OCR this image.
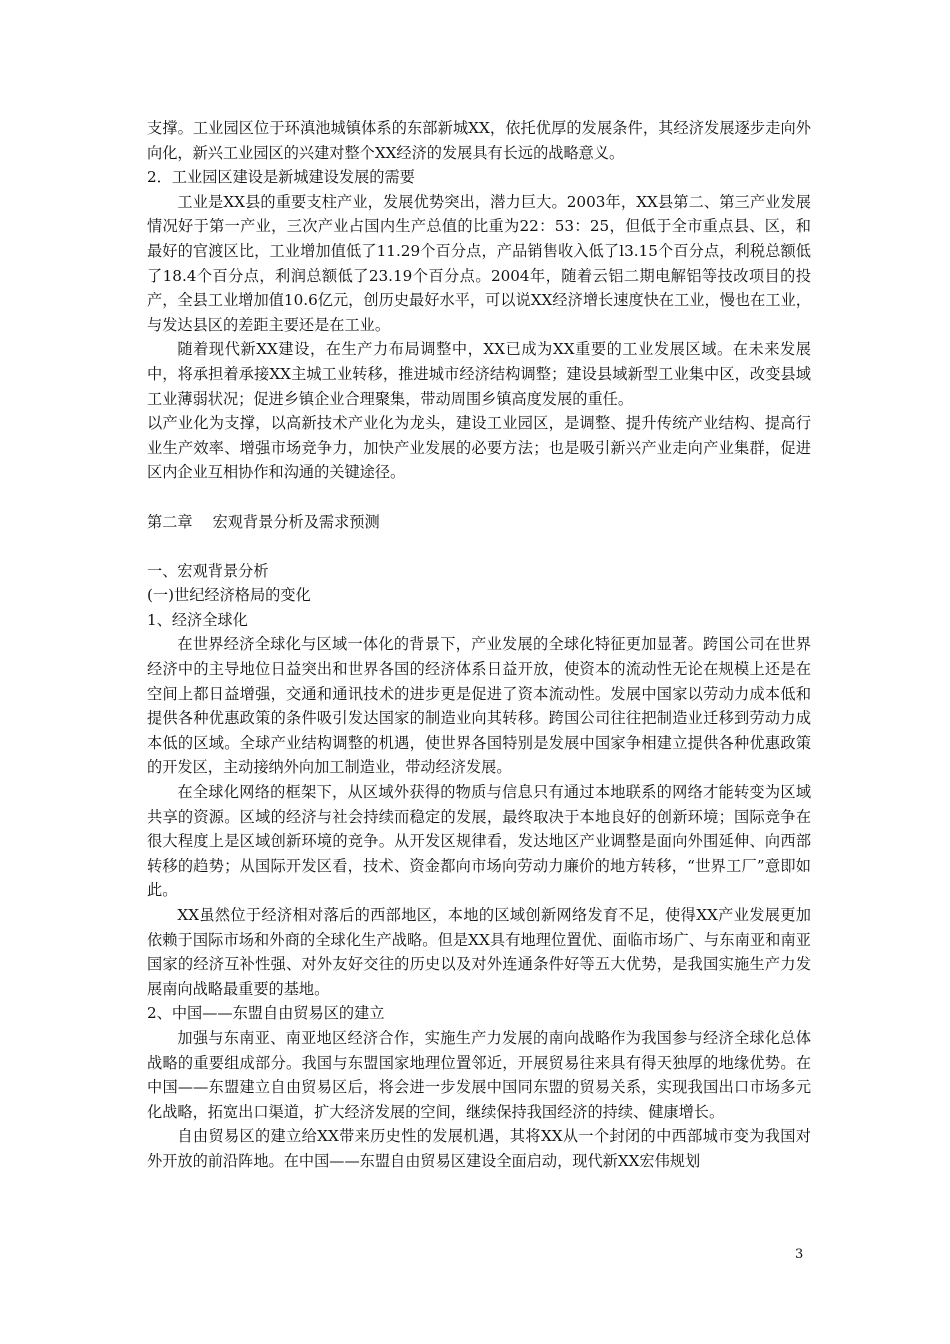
支撑。工业园区位于环滇池城镇体系的东部新城XX，依托优厚的发展条件，其经济发展逐步走向外向化，新兴工业园区的兴建对整个XX经济的发展具有长远的战略意义。

2．工业园区建设是新城建设发展的需要

工业是XX县的重要支柱产业，发展优势突出，潜力巨大。2003年，XX县第二、第三产业发展情况好于第一产业，三次产业占国内生产总值的比重为22：53：25，但低于全市重点县、区，和最好的官渡区比，工业增加值低了11.29个百分点，产品销售收入低了l3.15个百分点，利税总额低了18.4个百分点，利润总额低了23.19个百分点。2004年，随着云铝二期电解铝等技改项目的投产，全县工业增加值10.6亿元，创历史最好水平，可以说XX经济增长速度快在工业，慢也在工业，与发达县区的差距主要还是在工业。

随着现代新XX建设，在生产力布局调整中，XX已成为XX重要的工业发展区域。在未来发展中，将承担着承接XX主城工业转移，推进城市经济结构调整；建设县域新型工业集中区，改变县域工业薄弱状况；促进乡镇企业合理聚集，带动周围乡镇高度发展的重任。

以产业化为支撑，以高新技术产业化为龙头，建设工业园区，是调整、提升传统产业结构、提高行业生产效率、增强市场竞争力，加快产业发展的必要方法；也是吸引新兴产业走向产业集群，促进区内企业互相协作和沟通的关键途径。

第二章　 宏观背景分析及需求预测

一、宏观背景分析

(一)世纪经济格局的变化

1、经济全球化

在世界经济全球化与区域一体化的背景下，产业发展的全球化特征更加显著。跨国公司在世界经济中的主导地位日益突出和世界各国的经济体系日益开放，使资本的流动性无论在规模上还是在空间上都日益增强，交通和通讯技术的进步更是促进了资本流动性。发展中国家以劳动力成本低和提供各种优惠政策的条件吸引发达国家的制造业向其转移。跨国公司往往把制造业迁移到劳动力成本低的区域。全球产业结构调整的机遇，使世界各国特别是发展中国家争相建立提供各种优惠政策的开发区，主动接纳外向加工制造业，带动经济发展。

在全球化网络的框架下，从区域外获得的物质与信息只有通过本地联系的网络才能转变为区域共享的资源。区域的经济与社会持续而稳定的发展，最终取决于本地良好的创新环境；国际竞争在很大程度上是区域创新环境的竞争。从开发区规律看，发达地区产业调整是面向外围延伸、向西部转移的趋势；从国际开发区看，技术、资金都向市场向劳动力廉价的地方转移，“世界工厂”意即如此。

XX虽然位于经济相对落后的西部地区，本地的区域创新网络发育不足，使得XX产业发展更加依赖于国际市场和外商的全球化生产战略。但是XX具有地理位置优、面临市场广、与东南亚和南亚国家的经济互补性强、对外友好交往的历史以及对外连通条件好等五大优势，是我国实施生产力发展南向战略最重要的基地。

2、中国——东盟自由贸易区的建立

加强与东南亚、南亚地区经济合作，实施生产力发展的南向战略作为我国参与经济全球化总体战略的重要组成部分。我国与东盟国家地理位置邻近，开展贸易往来具有得天独厚的地缘优势。在中国——东盟建立自由贸易区后，将会进一步发展中国同东盟的贸易关系，实现我国出口市场多元化战略，拓宽出口渠道，扩大经济发展的空间，继续保持我国经济的持续、健康增长。

自由贸易区的建立给XX带来历史性的发展机遇，其将XX从一个封闭的中西部城市变为我国对外开放的前沿阵地。在中国——东盟自由贸易区建设全面启动，现代新XX宏伟规划

3
